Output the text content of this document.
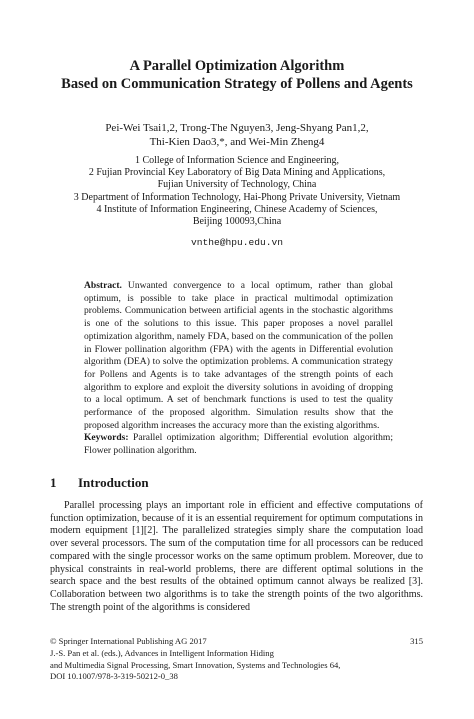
A Parallel Optimization Algorithm
Based on Communication Strategy of Pollens and Agents
Pei-Wei Tsai1,2, Trong-The Nguyen3, Jeng-Shyang Pan1,2,
Thi-Kien Dao3,*, and Wei-Min Zheng4
1 College of Information Science and Engineering,
2 Fujian Provincial Key Laboratory of Big Data Mining and Applications,
Fujian University of Technology, China
3 Department of Information Technology, Hai-Phong Private University, Vietnam
4 Institute of Information Engineering, Chinese Academy of Sciences,
Beijing 100093,China
vnthe@hpu.edu.vn
Abstract. Unwanted convergence to a local optimum, rather than global optimum, is possible to take place in practical multimodal optimization problems. Communication between artificial agents in the stochastic algorithms is one of the solutions to this issue. This paper proposes a novel parallel optimization algorithm, namely FDA, based on the communication of the pollen in Flower pollination algorithm (FPA) with the agents in Differential evolution algorithm (DEA) to solve the optimization problems. A communication strategy for Pollens and Agents is to take advantages of the strength points of each algorithm to explore and exploit the diversity solutions in avoiding of dropping to a local optimum. A set of benchmark functions is used to test the quality performance of the proposed algorithm. Simulation results show that the proposed algorithm increases the accuracy more than the existing algorithms.
Keywords: Parallel optimization algorithm; Differential evolution algorithm; Flower pollination algorithm.
1 Introduction
Parallel processing plays an important role in efficient and effective computations of function optimization, because of it is an essential requirement for optimum computations in modern equipment [1][2]. The parallelized strategies simply share the computation load over several processors. The sum of the computation time for all processors can be reduced compared with the single processor works on the same optimum problem. Moreover, due to physical constraints in real-world problems, there are different optimal solutions in the search space and the best results of the obtained optimum cannot always be realized [3]. Collaboration between two algorithms is to take the strength points of the two algorithms. The strength point of the algorithms is considered
© Springer International Publishing AG 2017
J.-S. Pan et al. (eds.), Advances in Intelligent Information Hiding
and Multimedia Signal Processing, Smart Innovation, Systems and Technologies 64,
DOI 10.1007/978-3-319-50212-0_38
315
